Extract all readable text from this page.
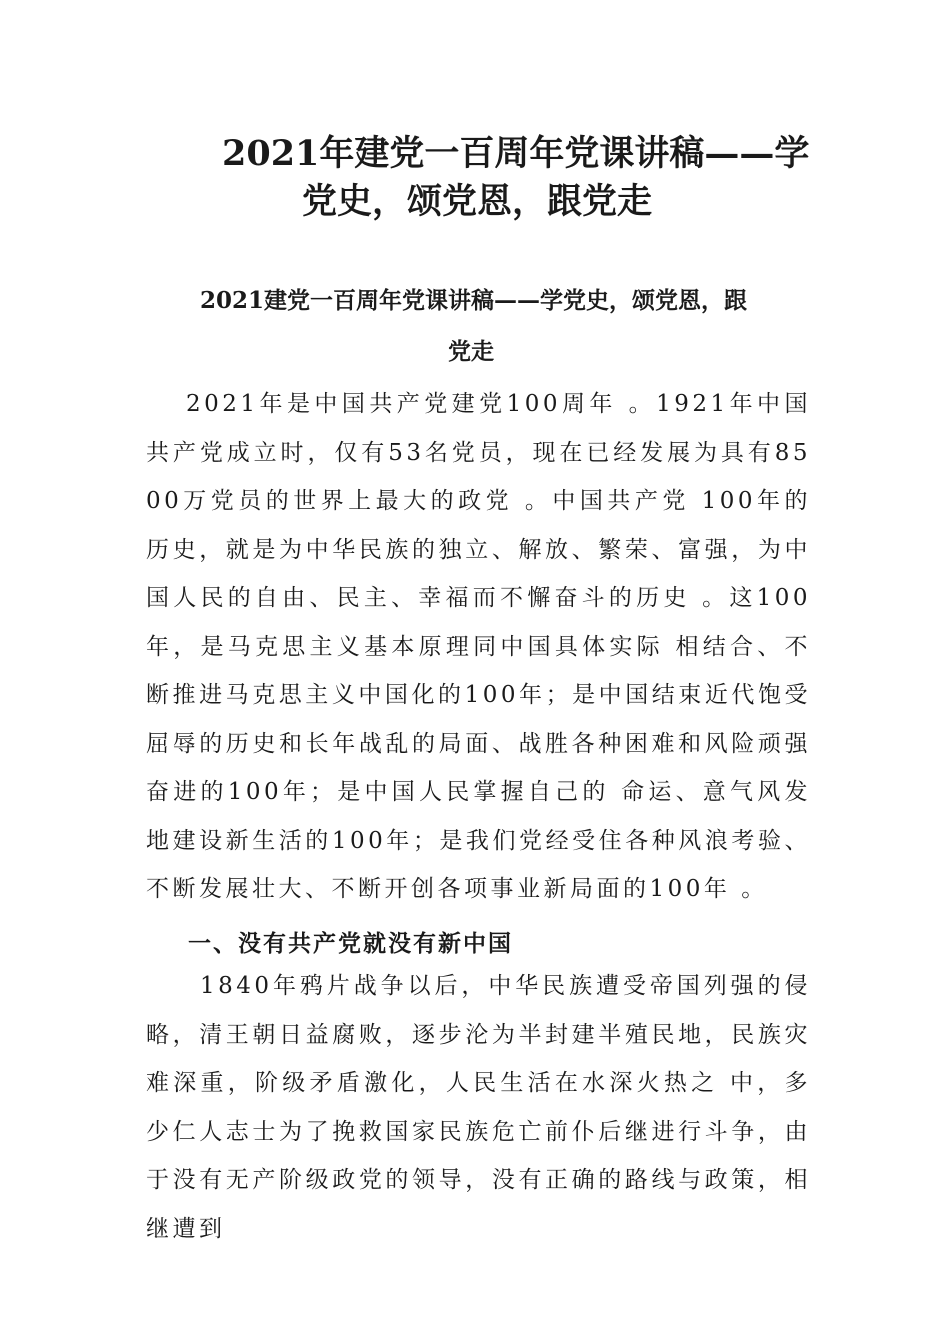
2021年建党一百周年党课讲稿——学
党史，颂党恩，跟党走
2021建党一百周年党课讲稿——学党史，颂党恩，跟
党走

2021年是中国共产党建党100周年 。1921年中国共产党成立时，仅有53名党员，现在已经发展为具有8500万党员的世界上最大的政党 。中国共产党 100年的历史，就是为中华民族的独立、解放、繁荣、富强，为中国人民的自由、民主、幸福而不懈奋斗的历史 。这100年，是马克思主义基本原理同中国具体实际 相结合、不断推进马克思主义中国化的100年；是中国结束近代饱受屈辱的历史和长年战乱的局面、战胜各种困难和风险顽强奋进的100年；是中国人民掌握自己的 命运、意气风发地建设新生活的100年；是我们党经受住各种风浪考验、不断发展壮大、不断开创各项事业新局面的100年 。

一、没有共产党就没有新中国

1840年鸦片战争以后，中华民族遭受帝国列强的侵略，清王朝日益腐败，逐步沦为半封建半殖民地，民族灾难深重，阶级矛盾激化，人民生活在水深火热之 中，多少仁人志士为了挽救国家民族危亡前仆后继进行斗争，由于没有无产阶级政党的领导，没有正确的路线与政策，相继遭到
